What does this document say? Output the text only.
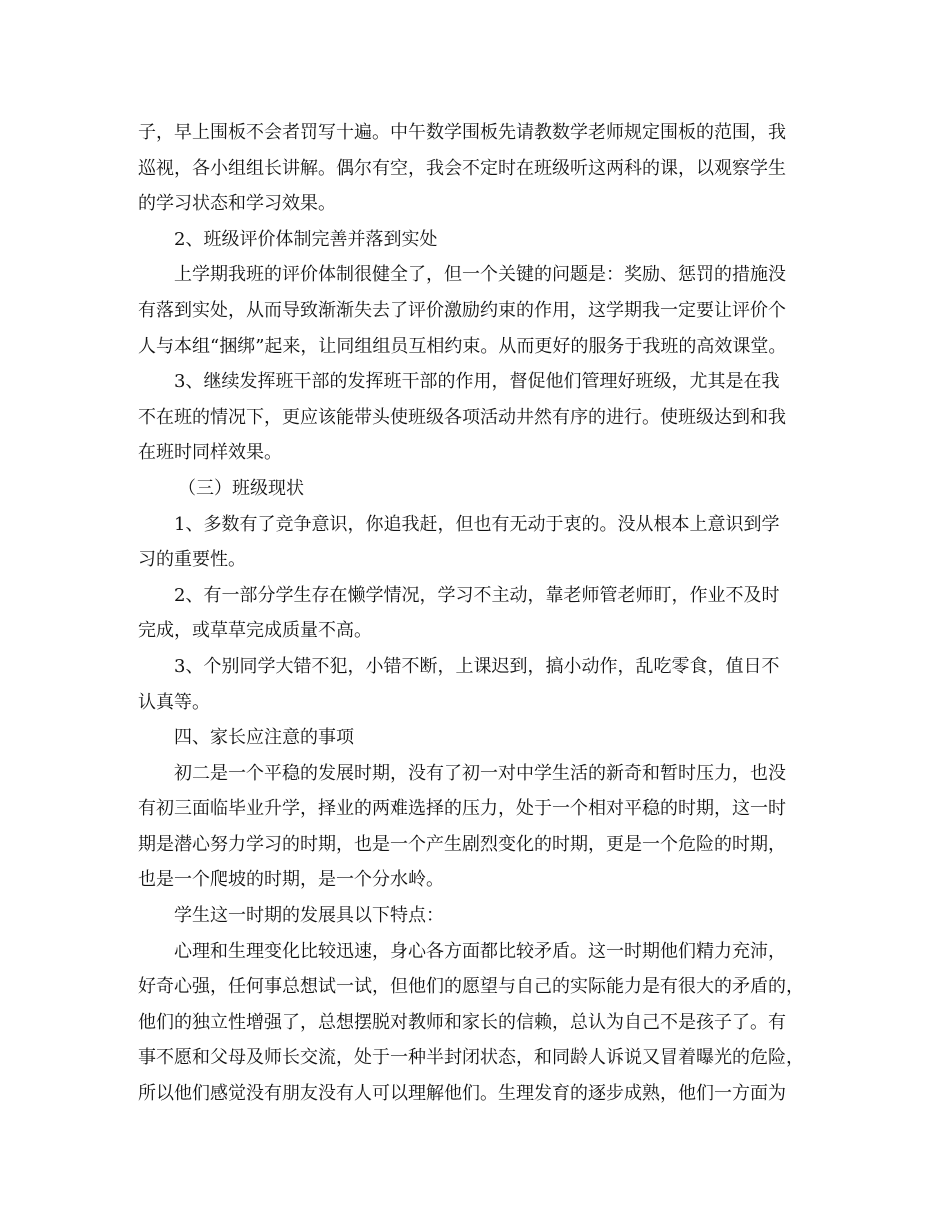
子，早上围板不会者罚写十遍。中午数学围板先请教数学老师规定围板的范围，我
巡视，各小组组长讲解。偶尔有空，我会不定时在班级听这两科的课，以观察学生
的学习状态和学习效果。
2、班级评价体制完善并落到实处
上学期我班的评价体制很健全了，但一个关键的问题是：奖励、惩罚的措施没
有落到实处，从而导致渐渐失去了评价激励约束的作用，这学期我一定要让评价个
人与本组“捆绑”起来，让同组组员互相约束。从而更好的服务于我班的高效课堂。
3、继续发挥班干部的发挥班干部的作用，督促他们管理好班级，尤其是在我
不在班的情况下，更应该能带头使班级各项活动井然有序的进行。使班级达到和我
在班时同样效果。
（三）班级现状
1、多数有了竞争意识，你追我赶，但也有无动于衷的。没从根本上意识到学
习的重要性。
2、有一部分学生存在懒学情况，学习不主动，靠老师管老师盯，作业不及时
完成，或草草完成质量不高。
3、个别同学大错不犯，小错不断，上课迟到，搞小动作，乱吃零食，值日不
认真等。
四、家长应注意的事项
初二是一个平稳的发展时期，没有了初一对中学生活的新奇和暂时压力，也没
有初三面临毕业升学，择业的两难选择的压力，处于一个相对平稳的时期，这一时
期是潜心努力学习的时期，也是一个产生剧烈变化的时期，更是一个危险的时期，
也是一个爬坡的时期，是一个分水岭。
学生这一时期的发展具以下特点：
心理和生理变化比较迅速，身心各方面都比较矛盾。这一时期他们精力充沛，
好奇心强，任何事总想试一试，但他们的愿望与自己的实际能力是有很大的矛盾的，
他们的独立性增强了，总想摆脱对教师和家长的信赖，总认为自己不是孩子了。有
事不愿和父母及师长交流，处于一种半封闭状态，和同龄人诉说又冒着曝光的危险，
所以他们感觉没有朋友没有人可以理解他们。生理发育的逐步成熟，他们一方面为
